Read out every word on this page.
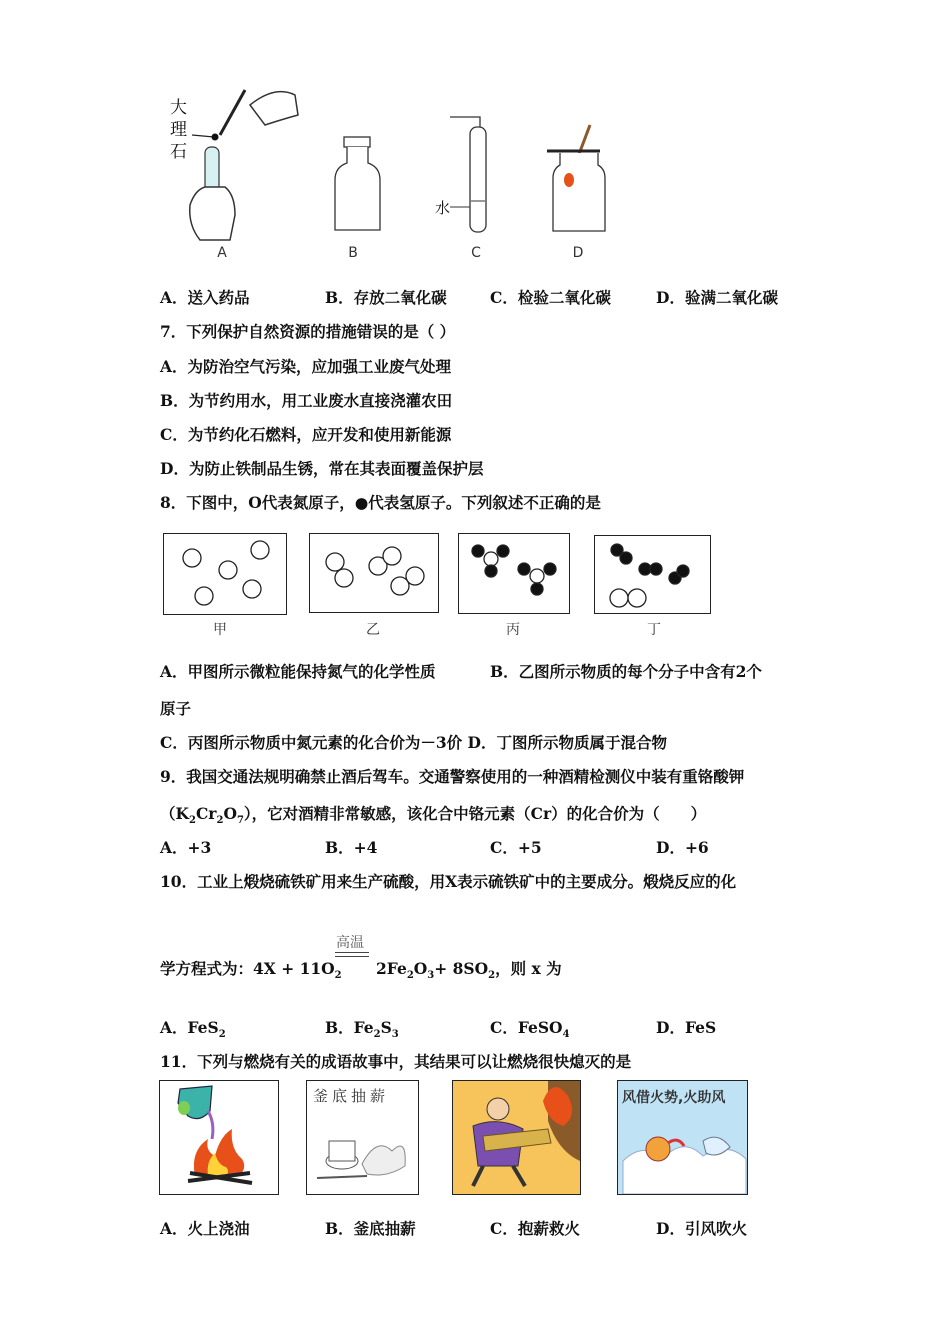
大理石
A	B
水
C	D
A．送入药品	B．存放二氧化碳	C．检验二氧化碳	D．验满二氧化碳
7．下列保护自然资源的措施错误的是（ ）
A．为防治空气污染，应加强工业废气处理
B．为节约用水，用工业废水直接浇灌农田
C．为节约化石燃料，应开发和使用新能源
D．为防止铁制品生锈，常在其表面覆盖保护层
8．下图中，O代表氮原子，●代表氢原子。下列叙述不正确的是
甲	乙	丙	丁
A．甲图所示微粒能保持氮气的化学性质	B．乙图所示物质的每个分子中含有2个
原子
C．丙图所示物质中氮元素的化合价为－3价 D．丁图所示物质属于混合物
9．我国交通法规明确禁止酒后驾车。交通警察使用的一种酒精检测仪中装有重铬酸钾
$(K_2Cr_2O_7)$，它对酒精非常敏感，该化合中铬元素（Cr）的化合价为（　　）
A．+3	B．+4	C．+5	D．+6
10．工业上煅烧硫铁矿用来生产硫酸，用X表示硫铁矿中的主要成分。煅烧反应的化
高温
学方程式为：$4X + 11O_2$ $2Fe_2O_3+ 8SO_2$，则 x 为
A．FeS$_2$	B．$Fe_2S_3$	C．FeSO$_4$	D．FeS
11．下列与燃烧有关的成语故事中，其结果可以让燃烧很快熄灭的是
釜底抽薪	风借火势,火助风
A．火上浇油	B．釜底抽薪	C．抱薪救火	D．引风吹火
